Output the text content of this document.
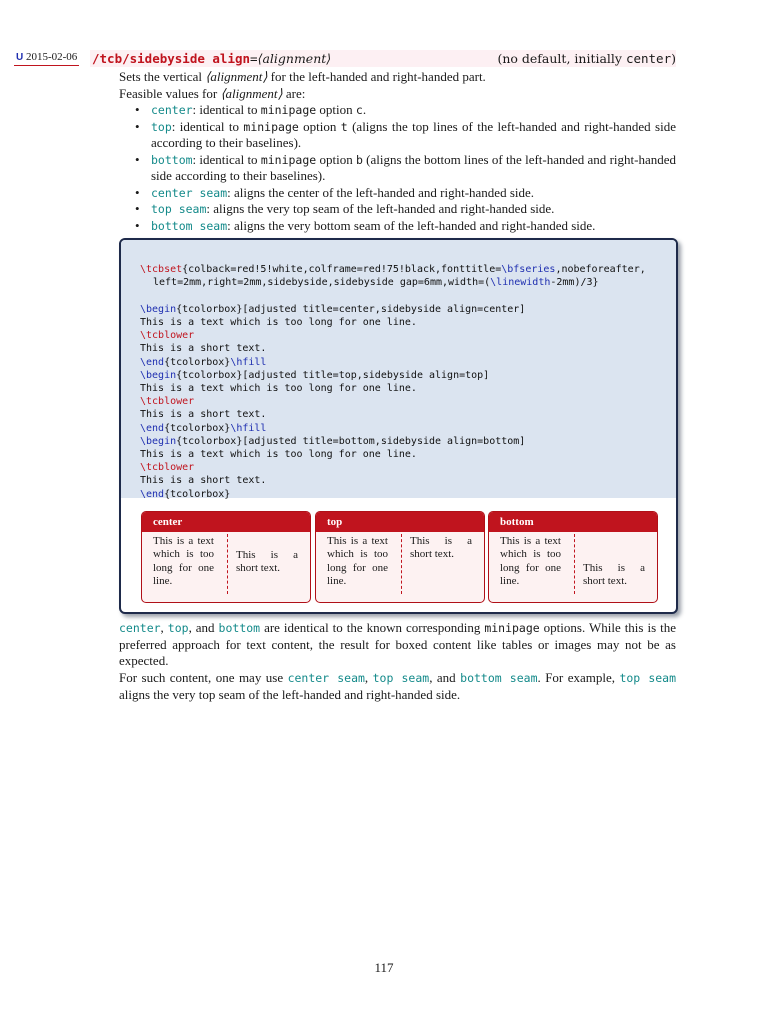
U 2015-02-06 /tcb/sidebyside align=⟨alignment⟩	(no default, initially center)
Sets the vertical ⟨alignment⟩ for the left-handed and right-handed part.
Feasible values for ⟨alignment⟩ are:
• center: identical to minipage option c.
• top: identical to minipage option t (aligns the top lines of the left-handed and right-handed side according to their baselines).
• bottom: identical to minipage option b (aligns the bottom lines of the left-handed and right-handed side according to their baselines).
• center seam: aligns the center of the left-handed and right-handed side.
• top seam: aligns the very top seam of the left-handed and right-handed side.
• bottom seam: aligns the very bottom seam of the left-handed and right-handed side.

\tcbset{colback=red!5!white,colframe=red!75!black,fonttitle=\bfseries,nobeforeafter,
left=2mm,right=2mm,sidebyside,sidebyside gap=6mm,width=(\linewidth-2mm)/3}
\begin{tcolorbox}[adjusted title=center,sidebyside align=center]
This is a text which is too long for one line.
\tcblower
This is a short text.
\end{tcolorbox}\hfill
\begin{tcolorbox}[adjusted title=top,sidebyside align=top]
This is a text which is too long for one line.
\tcblower
This is a short text.
\end{tcolorbox}\hfill
\begin{tcolorbox}[adjusted title=bottom,sidebyside align=bottom]
This is a text which is too long for one line.
\tcblower
This is a short text.
\end{tcolorbox}

center
This is a text which is too long for one line.
This is a short text.
top
This is a text which is too long for one line.
This is a short text.
bottom
This is a text which is too long for one line.
This is a short text.
center, top, and bottom are identical to the known corresponding minipage options. While this is the preferred approach for text content, the result for boxed content like tables or images may not be as expected.
For such content, one may use center seam, top seam, and bottom seam. For example, top seam aligns the very top seam of the left-handed and right-handed side.
117
